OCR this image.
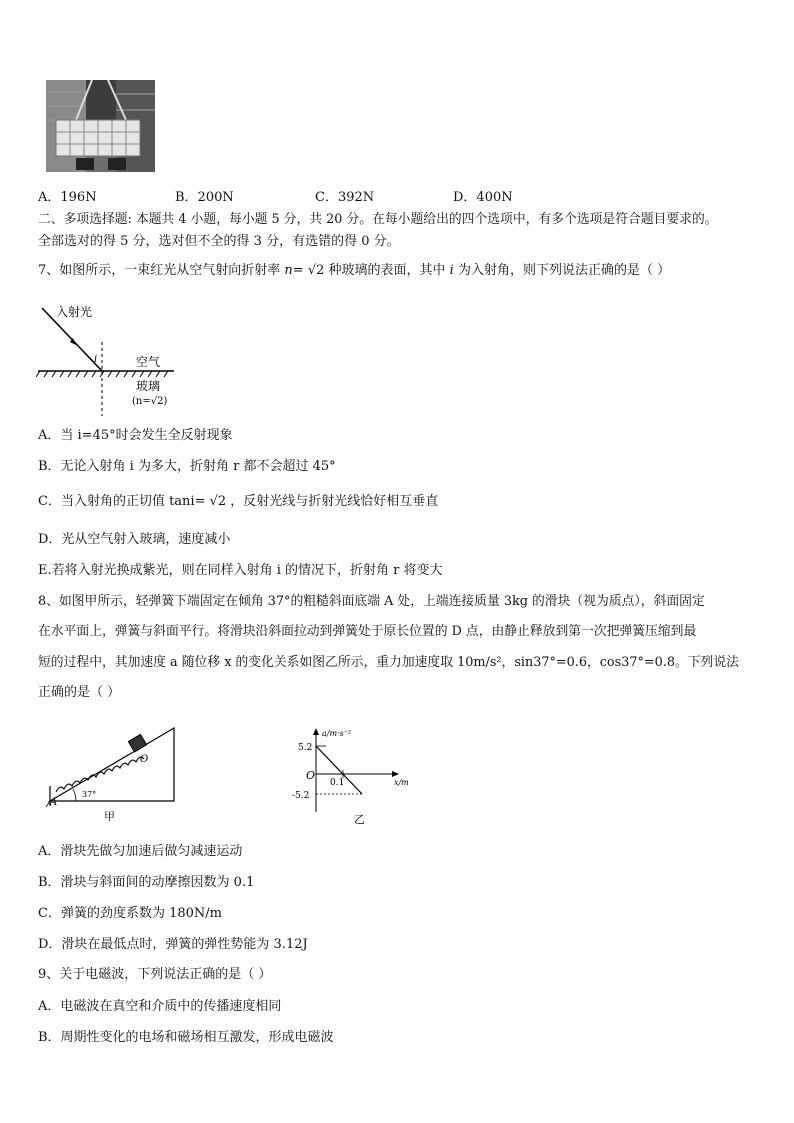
A．196N	B．200N	C．392N	D．400N
二、多项选择题: 本题共 4 小题，每小题 5 分，共 20 分。在每小题给出的四个选项中，有多个选项是符合题目要求的。
全部选对的得 5 分，选对但不全的得 3 分，有选错的得 0 分。
7、如图所示，一束红光从空气射向折射率 n= √2 种玻璃的表面，其中 i 为入射角，则下列说法正确的是（ ）
入射光
i	空气
玻璃
(n=√2)
A．当 i=45°时会发生全反射现象
B．无论入射角 i 为多大，折射角 r 都不会超过 45°
C．当入射角的正切值 tani= √2 ，反射光线与折射光线恰好相互垂直
D．光从空气射入玻璃，速度减小
E.若将入射光换成紫光，则在同样入射角 i 的情况下，折射角 r 将变大
8、如图甲所示，轻弹簧下端固定在倾角 37°的粗糙斜面底端 A 处，上端连接质量 3kg 的滑块（视为质点），斜面固定
在水平面上，弹簧与斜面平行。将滑块沿斜面拉动到弹簧处于原长位置的 D 点，由静止释放到第一次把弹簧压缩到最
短的过程中，其加速度 a 随位移 x 的变化关系如图乙所示，重力加速度取 10m/s²，sin37°=0.6，cos37°=0.8。下列说法
正确的是（ ）
37°
O
A
甲
a/m·s⁻²
x/m
O
5.2
-5.2
0.1
乙
A．滑块先做匀加速后做匀减速运动
B．滑块与斜面间的动摩擦因数为 0.1
C．弹簧的劲度系数为 180N/m
D．滑块在最低点时，弹簧的弹性势能为 3.12J
9、关于电磁波，下列说法正确的是（ ）
A．电磁波在真空和介质中的传播速度相同
B．周期性变化的电场和磁场相互激发，形成电磁波
